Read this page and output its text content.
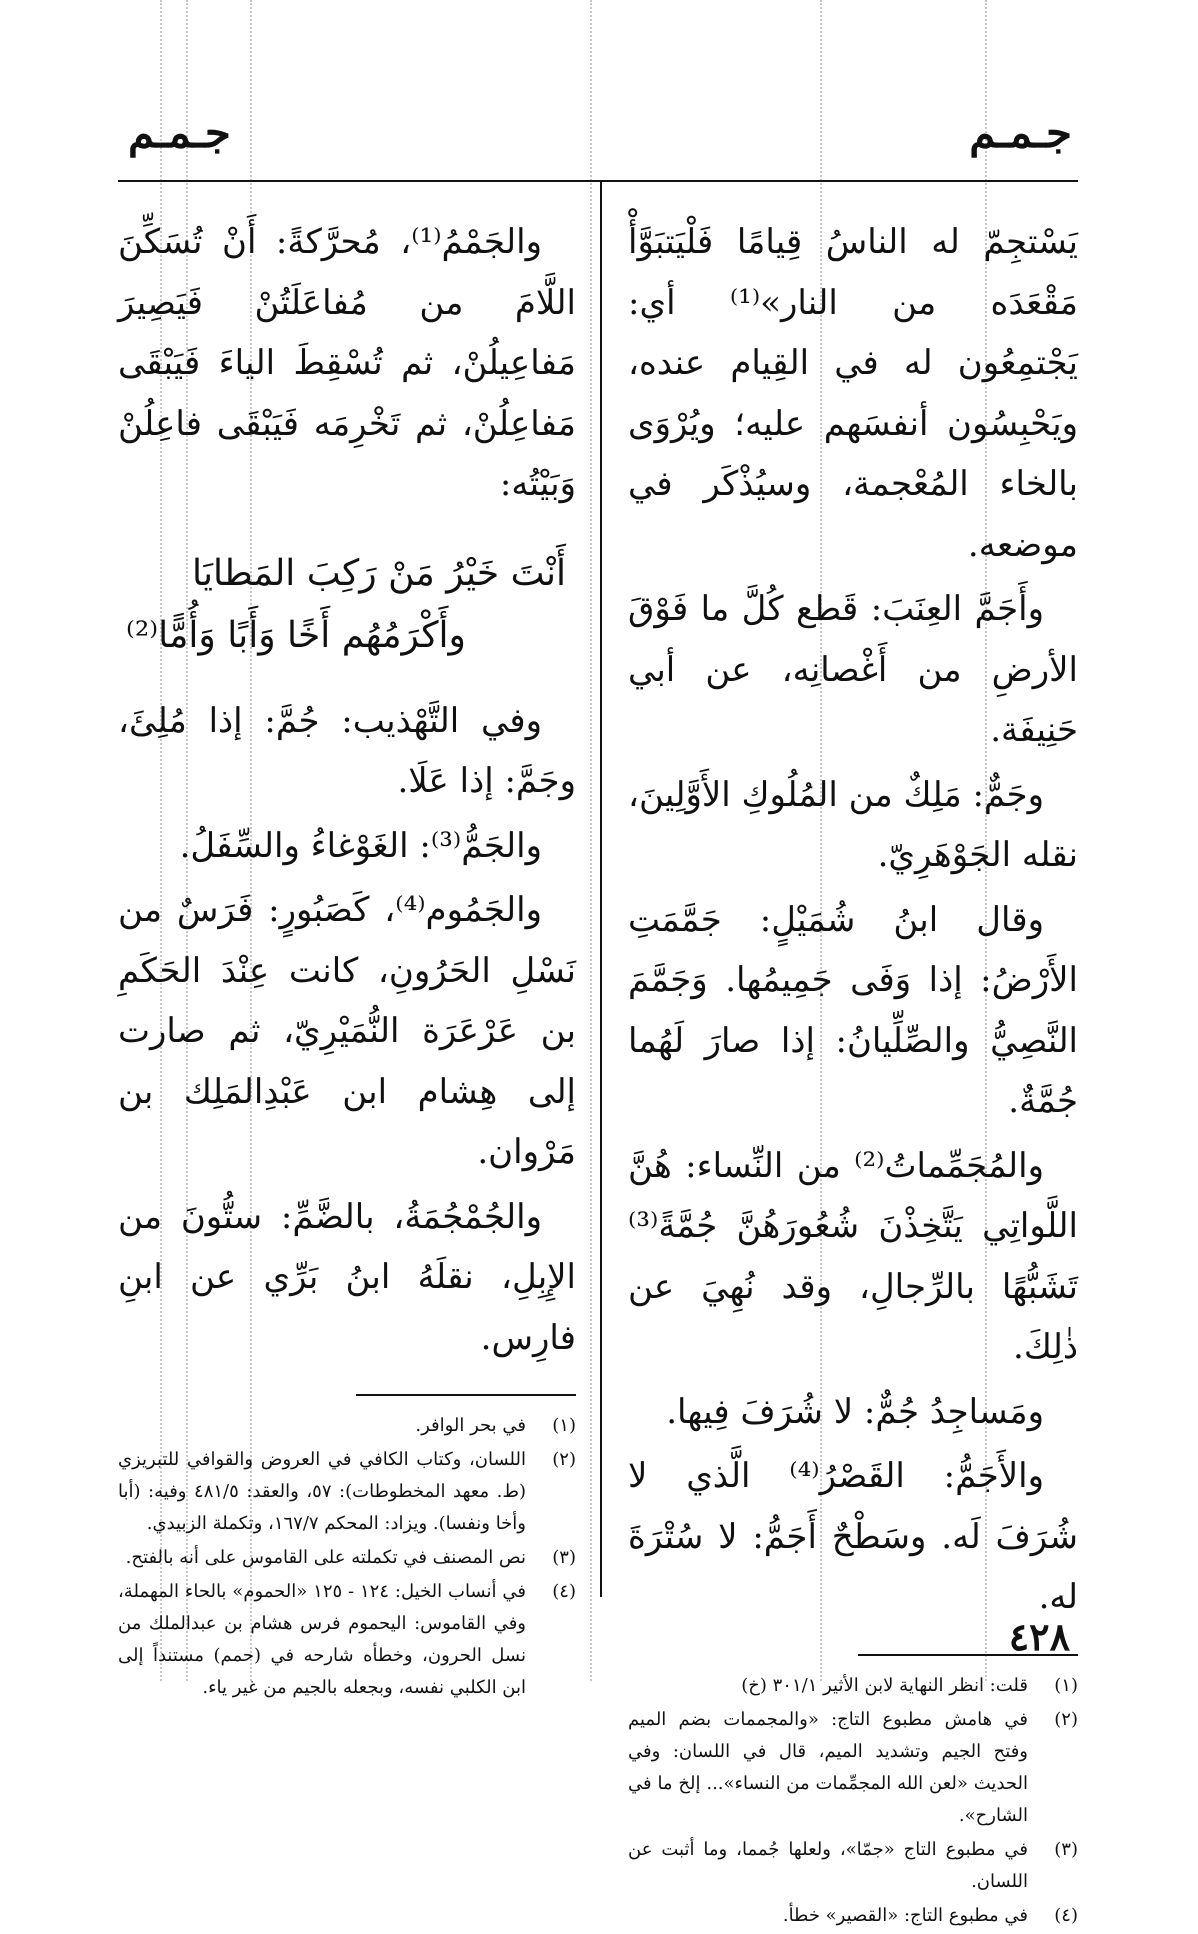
جـمـم
جـمـم

يَسْتجِمّ له الناسُ قِيامًا فَلْيَتبَوَّأْ مَقْعَدَه من النار»⁽¹⁾ أي: يَجْتمِعُون له في القِيام عنده، ويَحْبِسُون أنفسَهم عليه؛ ويُرْوَى بالخاء المُعْجمة، وسيُذْكَر في موضعه.

وأَجَمَّ العِنَبَ: قَطع كُلَّ ما فَوْقَ الأرضِ من أَغْصانِه، عن أبي حَنِيفَة.

وجَمٌّ: مَلِكٌ من المُلُوكِ الأَوَّلِينَ، نقله الجَوْهَرِيّ.

وقال ابنُ شُمَيْلٍ: جَمَّمَتِ الأَرْضُ: إذا وَفَى جَمِيمُها. وَجَمَّمَ النَّصِيُّ والصِّلِّيانُ: إذا صارَ لَهُما جُمَّةٌ.

والمُجَمِّماتُ⁽²⁾ من النِّساء: هُنَّ اللَّواتِي يَتَّخِذْنَ شُعُورَهُنَّ جُمَّةً⁽³⁾ تَشَبُّهًا بالرِّجالِ، وقد نُهِيَ عن ذٰلِكَ.

ومَساجِدُ جُمٌّ: لا شُرَفَ فِيها.

والأَجَمُّ: القَصْرُ⁽⁴⁾ الَّذي لا شُرَفَ لَه. وسَطْحٌ أَجَمُّ: لا سُتْرَةَ له.

(١)
قلت: انظر النهاية لابن الأثير ٣٠١/١ (خ)
(٢)
في هامش مطبوع التاج: «والمجممات بضم الميم وفتح الجيم وتشديد الميم، قال في اللسان: وفي الحديث «لعن الله المجمِّمات من النساء»... إلخ ما في الشارح».
(٣)
في مطبوع التاج «جمّا»، ولعلها جُمما، وما أثبت عن اللسان.
(٤)
في مطبوع التاج: «القصير» خطأ.

والجَمْمُ⁽¹⁾، مُحرَّكةً: أَنْ تُسَكِّنَ اللَّامَ من مُفاعَلَتُنْ فَيَصِيرَ مَفاعِيلُنْ، ثم تُسْقِطَ الياءَ فَيَبْقَى مَفاعِلُنْ، ثم تَخْرِمَه فَيَبْقَى فاعِلُنْ وَبَيْتُه:

أَنْتَ خَيْرُ مَنْ رَكِبَ المَطايَا
وأَكْرَمُهُم أَخًا وَأَبًا وَأُمًّا⁽²⁾

وفي التَّهْذيب: جُمَّ: إذا مُلِئَ، وجَمَّ: إذا عَلَا.

والجَمُّ⁽³⁾: الغَوْغاءُ والسِّفَلُ.

والجَمُوم⁽⁴⁾، كَصَبُورٍ: فَرَسٌ من نَسْلِ الحَرُونِ، كانت عِنْدَ الحَكَمِ بن عَرْعَرَة النُّمَيْرِيّ، ثم صارت إلى هِشام ابن عَبْدِالمَلِك بن مَرْوان.

والجُمْجُمَةُ، بالضَّمِّ: ستُّونَ من الإِبِلِ، نقلَهُ ابنُ بَرِّي عن ابنِ فارِس.

(١)
في بحر الوافر.
(٢)
اللسان، وكتاب الكافي في العروض والقوافي للتبريزي (ط. معهد المخطوطات): ٥٧، والعقد: ٤٨١/٥ وفيه: (أبا وأخا ونفسا). ويزاد: المحكم ١٦٧/٧، وتكملة الزبيدي.
(٣)
نص المصنف في تكملته على القاموس على أنه بالفتح.
(٤)
في أنساب الخيل: ١٢٤ - ١٢٥ «الحموم» بالحاء المهملة، وفي القاموس: اليحموم فرس هشام بن عبدالملك من نسل الحرون، وخطأه شارحه في (حمم) مستنداً إلى ابن الكلبي نفسه، وبجعله بالجيم من غير ياء.
٤٢٨
